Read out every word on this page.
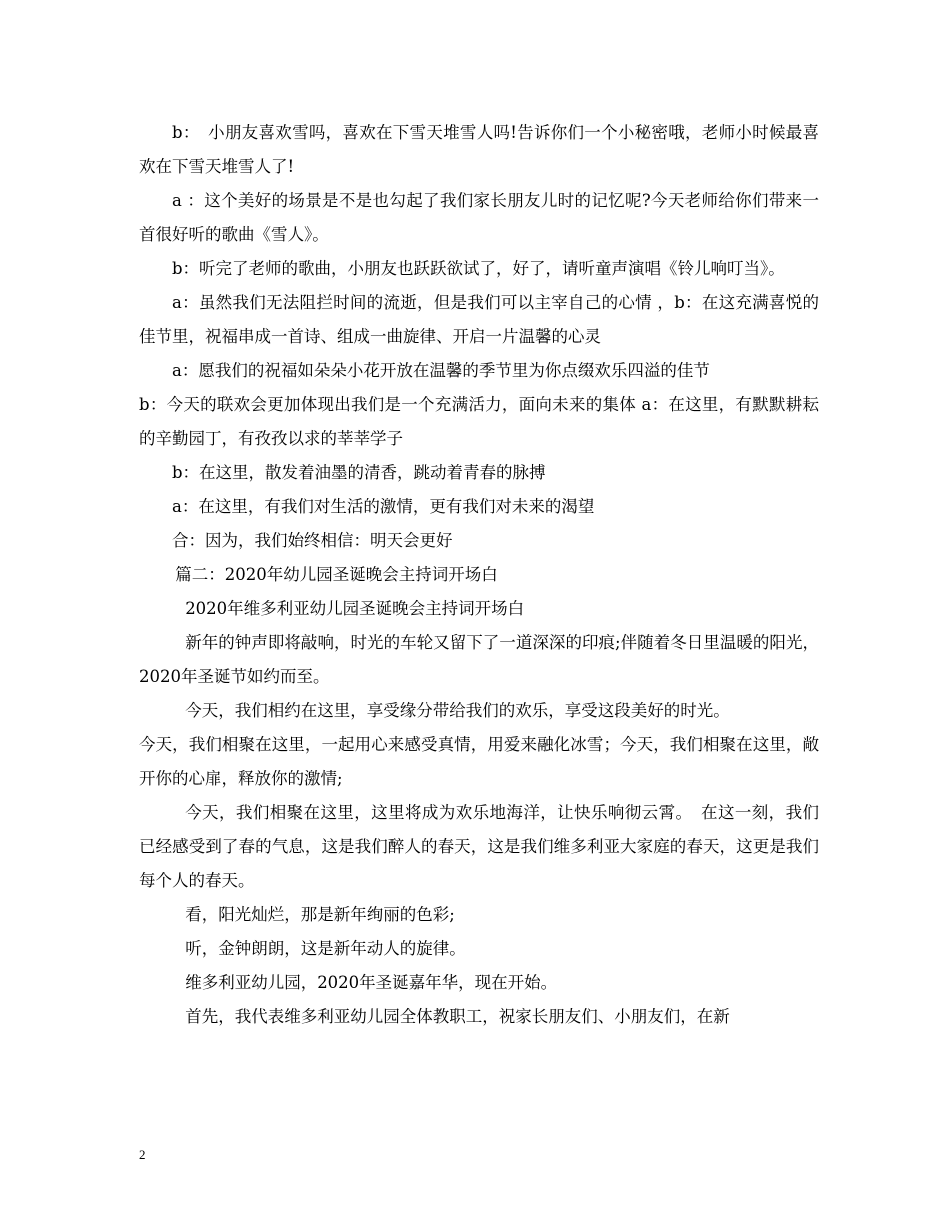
b：　小朋友喜欢雪吗，喜欢在下雪天堆雪人吗!告诉你们一个小秘密哦，老师小时候最喜欢在下雪天堆雪人了!

a ：这个美好的场景是不是也勾起了我们家长朋友儿时的记忆呢?今天老师给你们带来一首很好听的歌曲《雪人》。

b：听完了老师的歌曲，小朋友也跃跃欲试了，好了，请听童声演唱《铃儿响叮当》。

a：虽然我们无法阻拦时间的流逝，但是我们可以主宰自己的心情 ，b：在这充满喜悦的佳节里，祝福串成一首诗、组成一曲旋律、开启一片温馨的心灵

a：愿我们的祝福如朵朵小花开放在温馨的季节里为你点缀欢乐四溢的佳节

b：今天的联欢会更加体现出我们是一个充满活力，面向未来的集体 a：在这里，有默默耕耘的辛勤园丁，有孜孜以求的莘莘学子

b：在这里，散发着油墨的清香，跳动着青春的脉搏

a：在这里，有我们对生活的激情，更有我们对未来的渴望

合：因为，我们始终相信：明天会更好

篇二：2020年幼儿园圣诞晚会主持词开场白

2020年维多利亚幼儿园圣诞晚会主持词开场白

新年的钟声即将敲响，时光的车轮又留下了一道深深的印痕;伴随着冬日里温暖的阳光，2020年圣诞节如约而至。

今天，我们相约在这里，享受缘分带给我们的欢乐，享受这段美好的时光。

今天，我们相聚在这里，一起用心来感受真情，用爱来融化冰雪；今天，我们相聚在这里，敞开你的心扉，释放你的激情;

今天，我们相聚在这里，这里将成为欢乐地海洋，让快乐响彻云霄。　在这一刻，我们已经感受到了春的气息，这是我们醉人的春天，这是我们维多利亚大家庭的春天，这更是我们每个人的春天。

看，阳光灿烂，那是新年绚丽的色彩;

听，金钟朗朗，这是新年动人的旋律。

维多利亚幼儿园，2020年圣诞嘉年华，现在开始。

首先，我代表维多利亚幼儿园全体教职工，祝家长朋友们、小朋友们，在新

2
